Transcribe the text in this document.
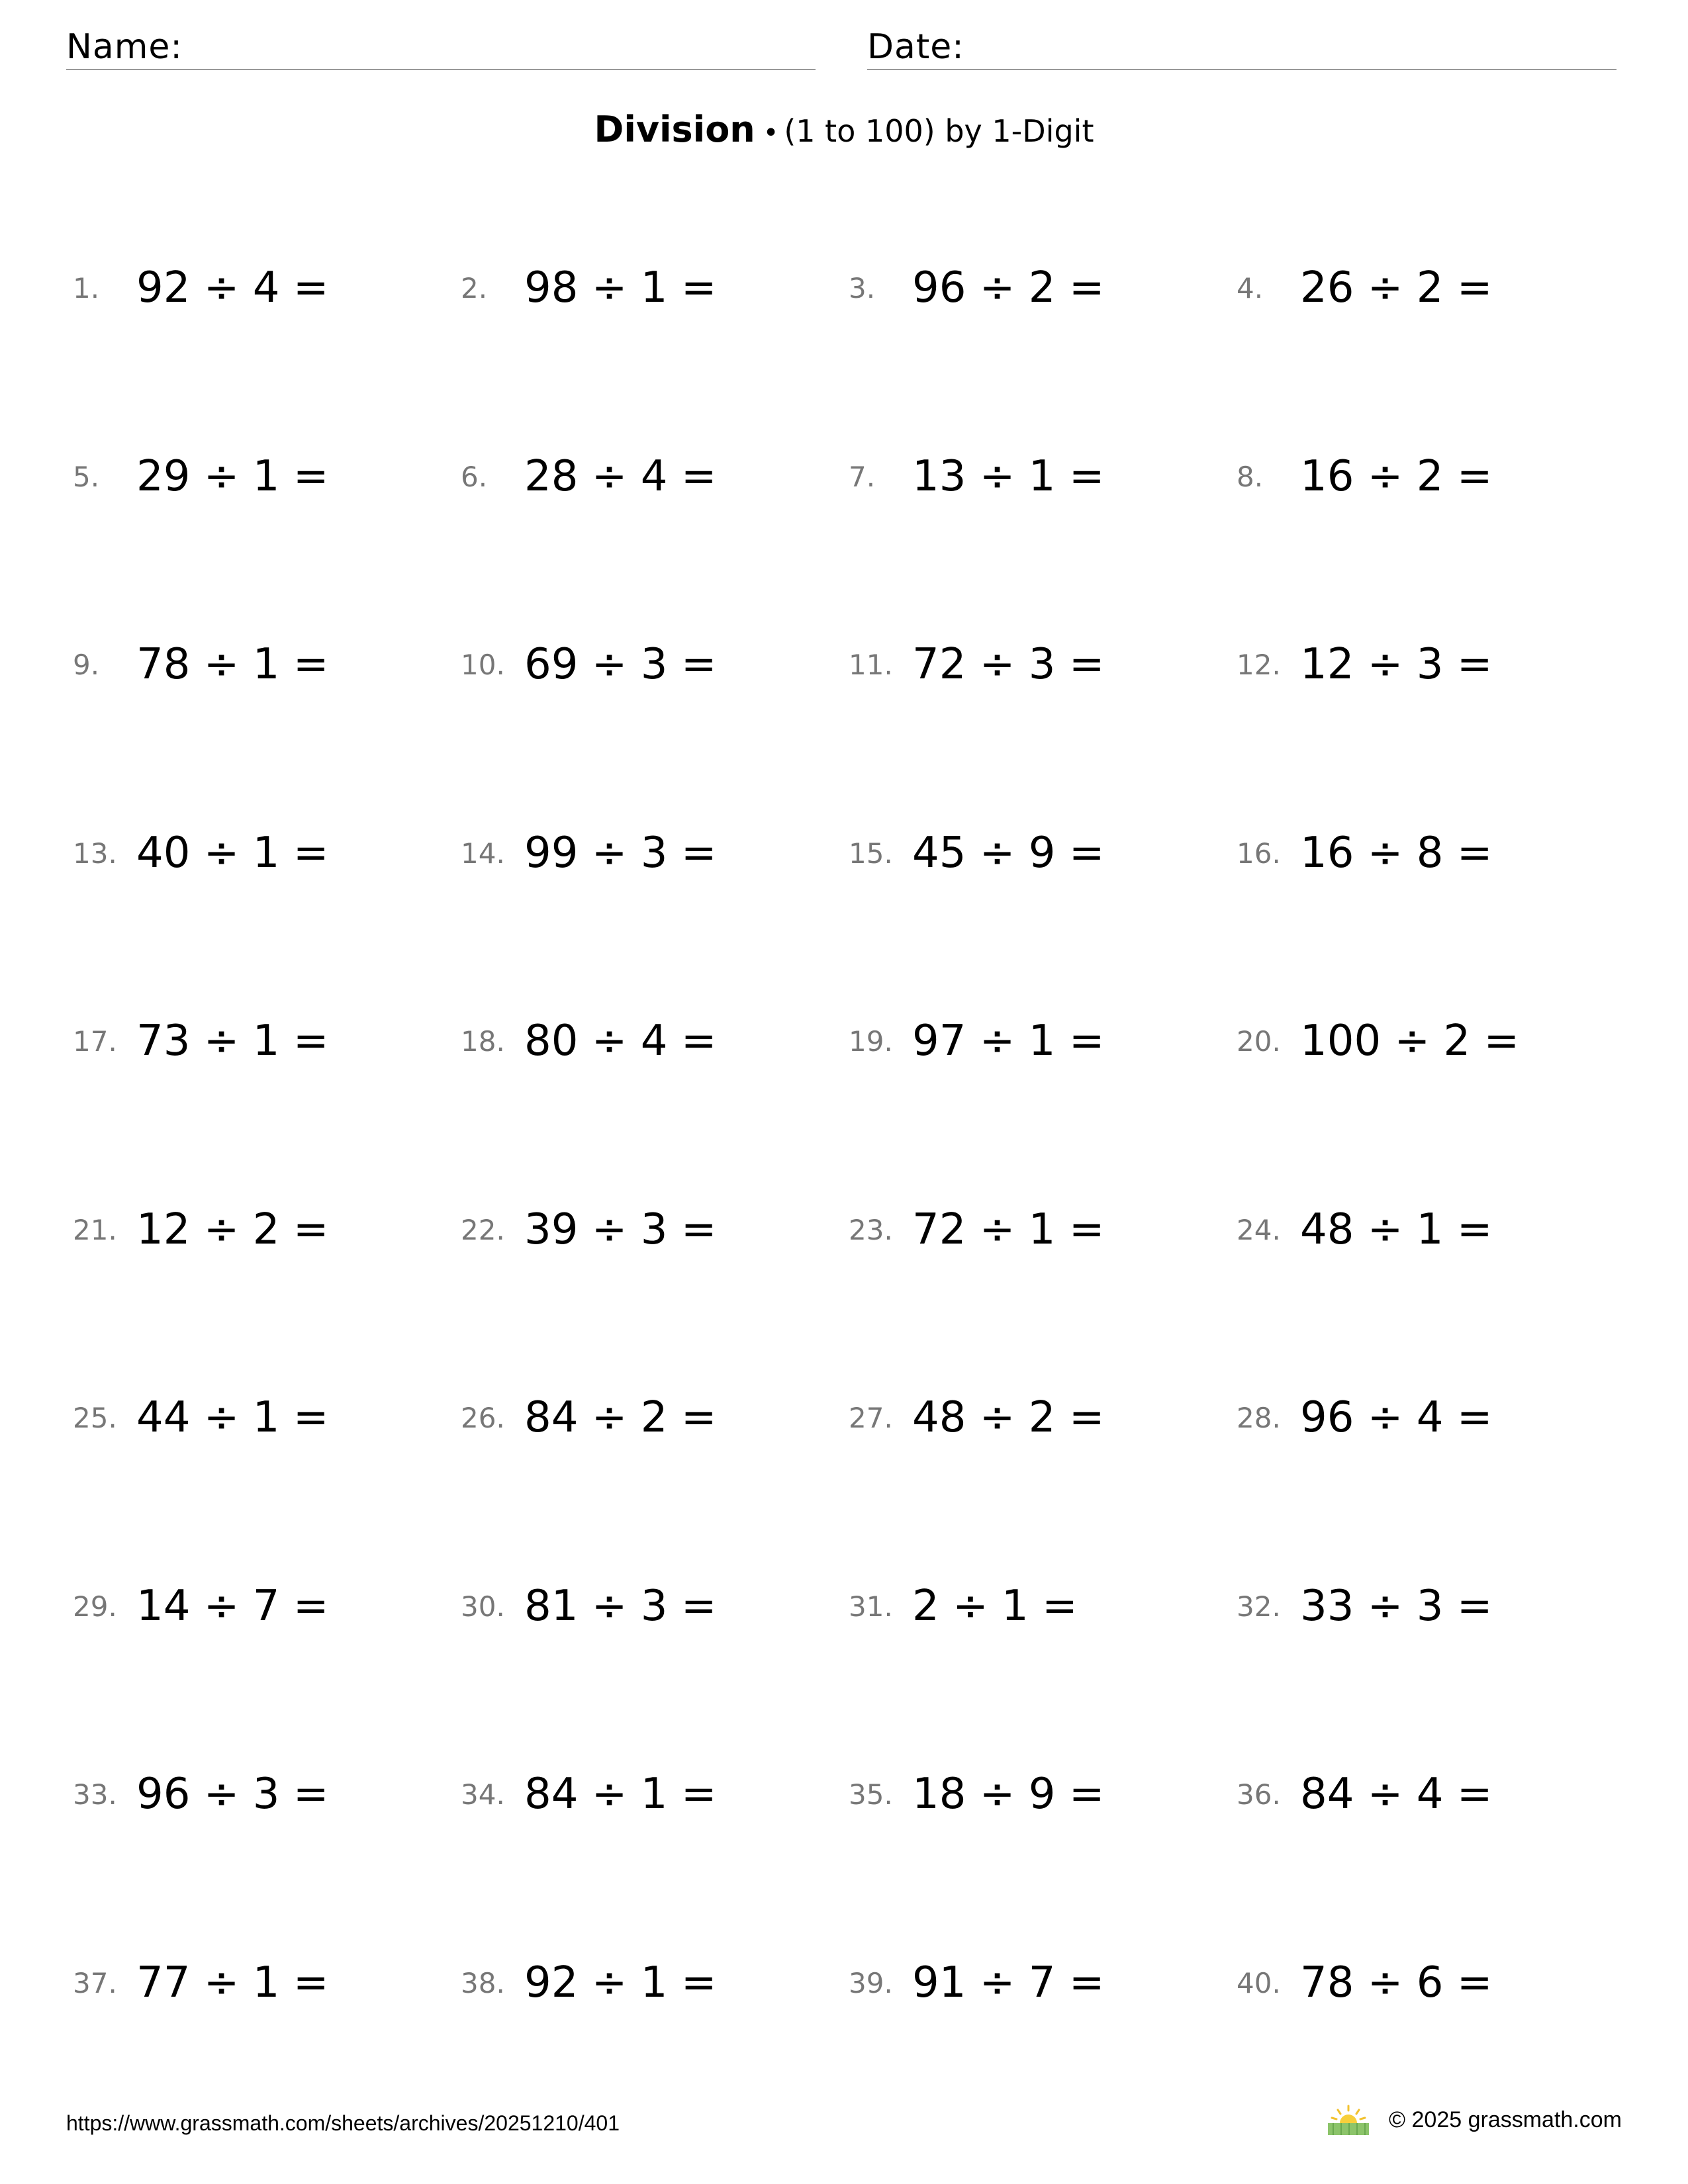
Name:	Date:
Division • (1 to 100) by 1-Digit
1. 92 ÷ 4 =	2. 98 ÷ 1 =	3. 96 ÷ 2 =	4. 26 ÷ 2 =
5. 29 ÷ 1 =	6. 28 ÷ 4 =	7. 13 ÷ 1 =	8. 16 ÷ 2 =
9. 78 ÷ 1 =	10. 69 ÷ 3 =	11. 72 ÷ 3 =	12. 12 ÷ 3 =
13. 40 ÷ 1 =	14. 99 ÷ 3 =	15. 45 ÷ 9 =	16. 16 ÷ 8 =
17. 73 ÷ 1 =	18. 80 ÷ 4 =	19. 97 ÷ 1 =	20. 100 ÷ 2 =
21. 12 ÷ 2 =	22. 39 ÷ 3 =	23. 72 ÷ 1 =	24. 48 ÷ 1 =
25. 44 ÷ 1 =	26. 84 ÷ 2 =	27. 48 ÷ 2 =	28. 96 ÷ 4 =
29. 14 ÷ 7 =	30. 81 ÷ 3 =	31. 2 ÷ 1 =	32. 33 ÷ 3 =
33. 96 ÷ 3 =	34. 84 ÷ 1 =	35. 18 ÷ 9 =	36. 84 ÷ 4 =
37. 77 ÷ 1 =	38. 92 ÷ 1 =	39. 91 ÷ 7 =	40. 78 ÷ 6 =
https://www.grassmath.com/sheets/archives/20251210/401	© 2025 grassmath.com
